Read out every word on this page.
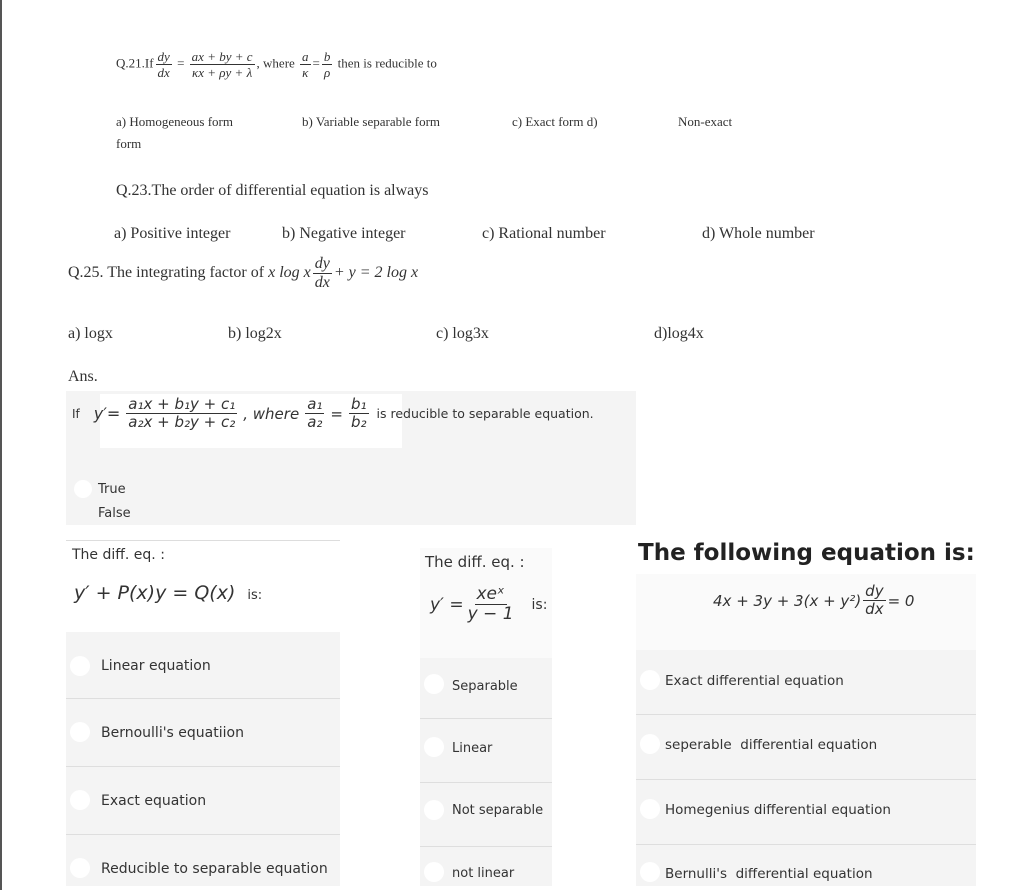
$Q.21.If \frac{dy}{dx} = \frac{ax + by + c}{\kappa x + \rho y + \lambda}$ , where $\frac{a}{\kappa} = \frac{b}{\rho}$ then is reducible to
a) Homogeneous form
form
b) Variable separable form	c) Exact form d)	Non-exact
Q.23.The order of differential equation is always
a) Positive integer	b) Negative integer	c) Rational number	d) Whole number
Q.25. The integrating factor of x log x $\frac{dy}{dx} + y = 2$ log x
a) logx	b) log2x	c) log3x	d)log4x
Ans.
If $y'= \frac{\text{a₁x + b₁y + c₁}}{\text{a₂x + b₂y + c₂}}$ , where $\frac{\text{a₁}}{\text{a₂}} = \frac{\text{b₁}}{\text{b₂}}$ is reducible to separable equation.
True
False
The diff. eq. :
y′ + P(x)y = Q(x) is:
Linear equation
Bernoulli's equatiion
Exact equation
Reducible to separable equation
The diff. eq. :
$y' = \frac{\text{xeˣ}}{y - 1}$ is:
Separable
Linear
Not separable
not linear
The following equation is:
$4x + 3y + 3(x + y^2) \frac{dy}{dx} = 0$
Exact differential equation
seperable  differential equation
Homegenius differential equation
Bernulli's  differential equation
